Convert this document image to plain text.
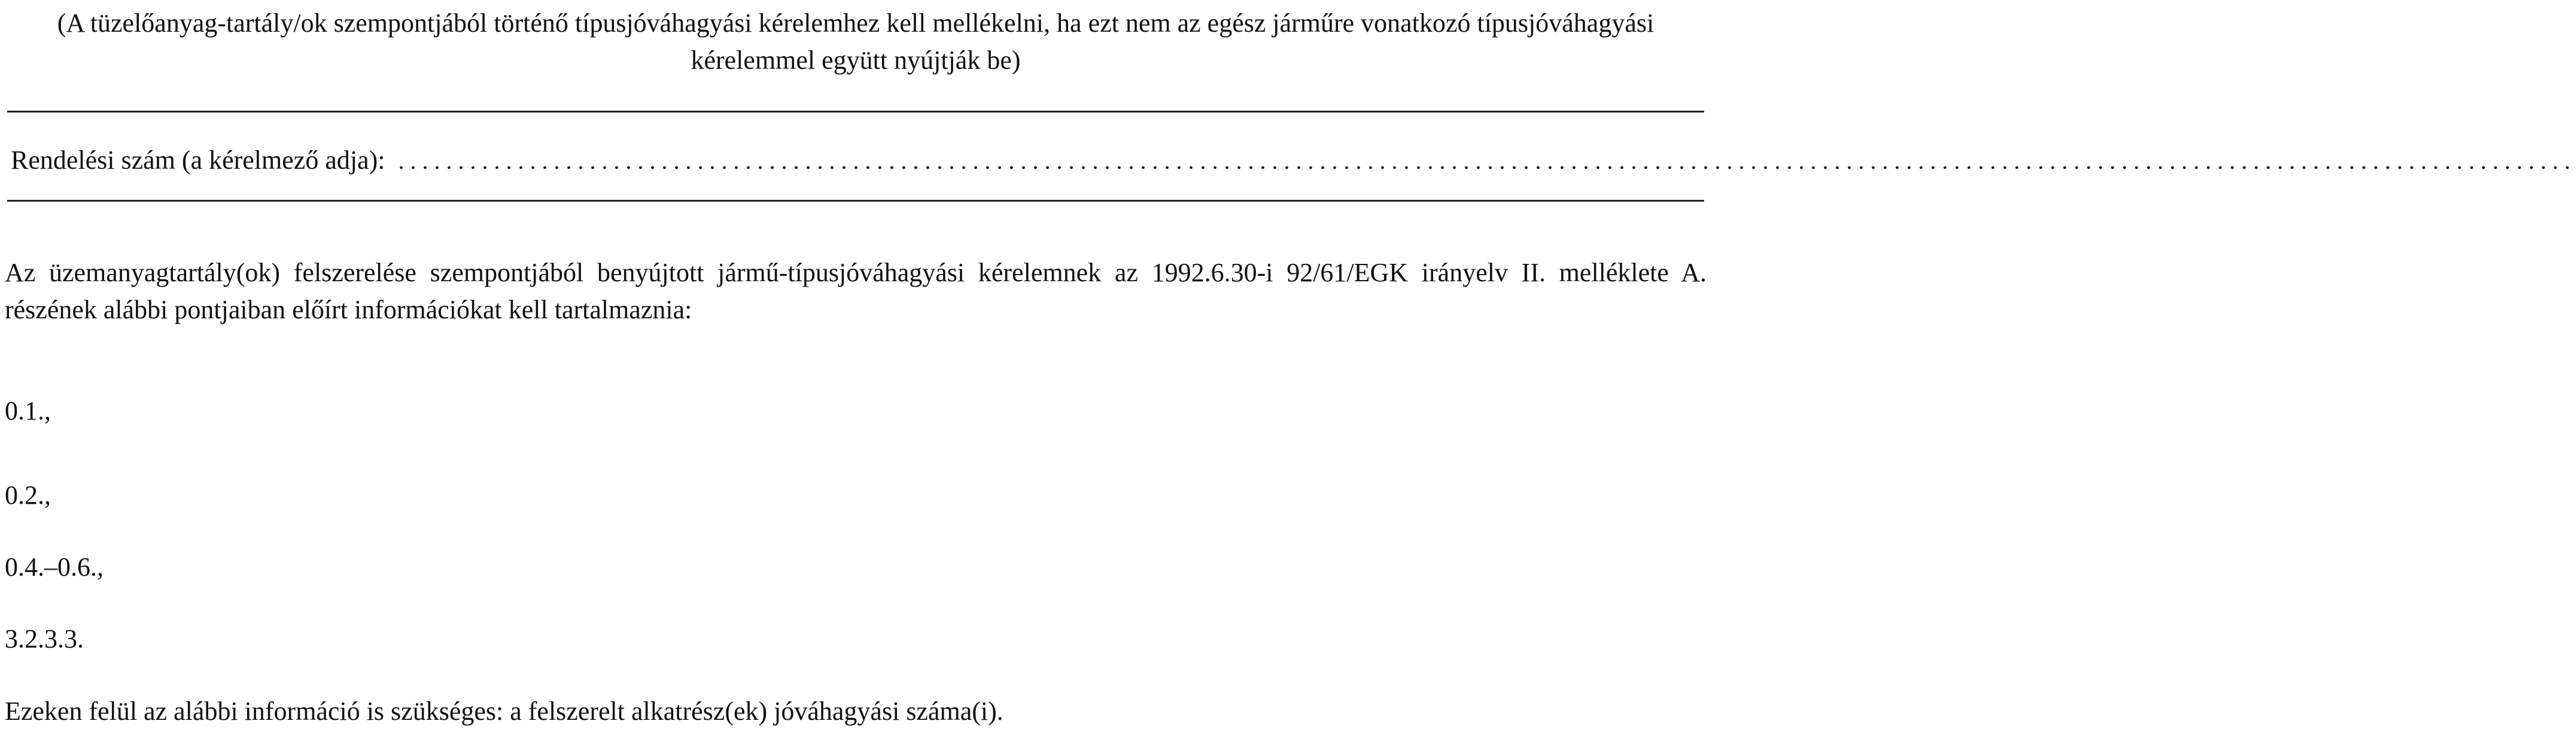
(A tüzelőanyag-tartály/ok szempontjából történő típusjóváhagyási kérelemhez kell mellékelni, ha ezt nem az egész járműre vonatkozó típusjóváhagyási kérelemmel együtt nyújtják be)
Rendelési szám (a kérelmező adja): ......................................................................................................................................................................................
Az üzemanyagtartály(ok) felszerelése szempontjából benyújtott jármű-típusjóváhagyási kérelemnek az 1992.6.30-i 92/61/EGK irányelv II. melléklete A. részének alábbi pontjaiban előírt információkat kell tartalmaznia:
0.1.,
0.2.,
0.4.–0.6.,
3.2.3.3.
Ezeken felül az alábbi információ is szükséges: a felszerelt alkatrész(ek) jóváhagyási száma(i).
